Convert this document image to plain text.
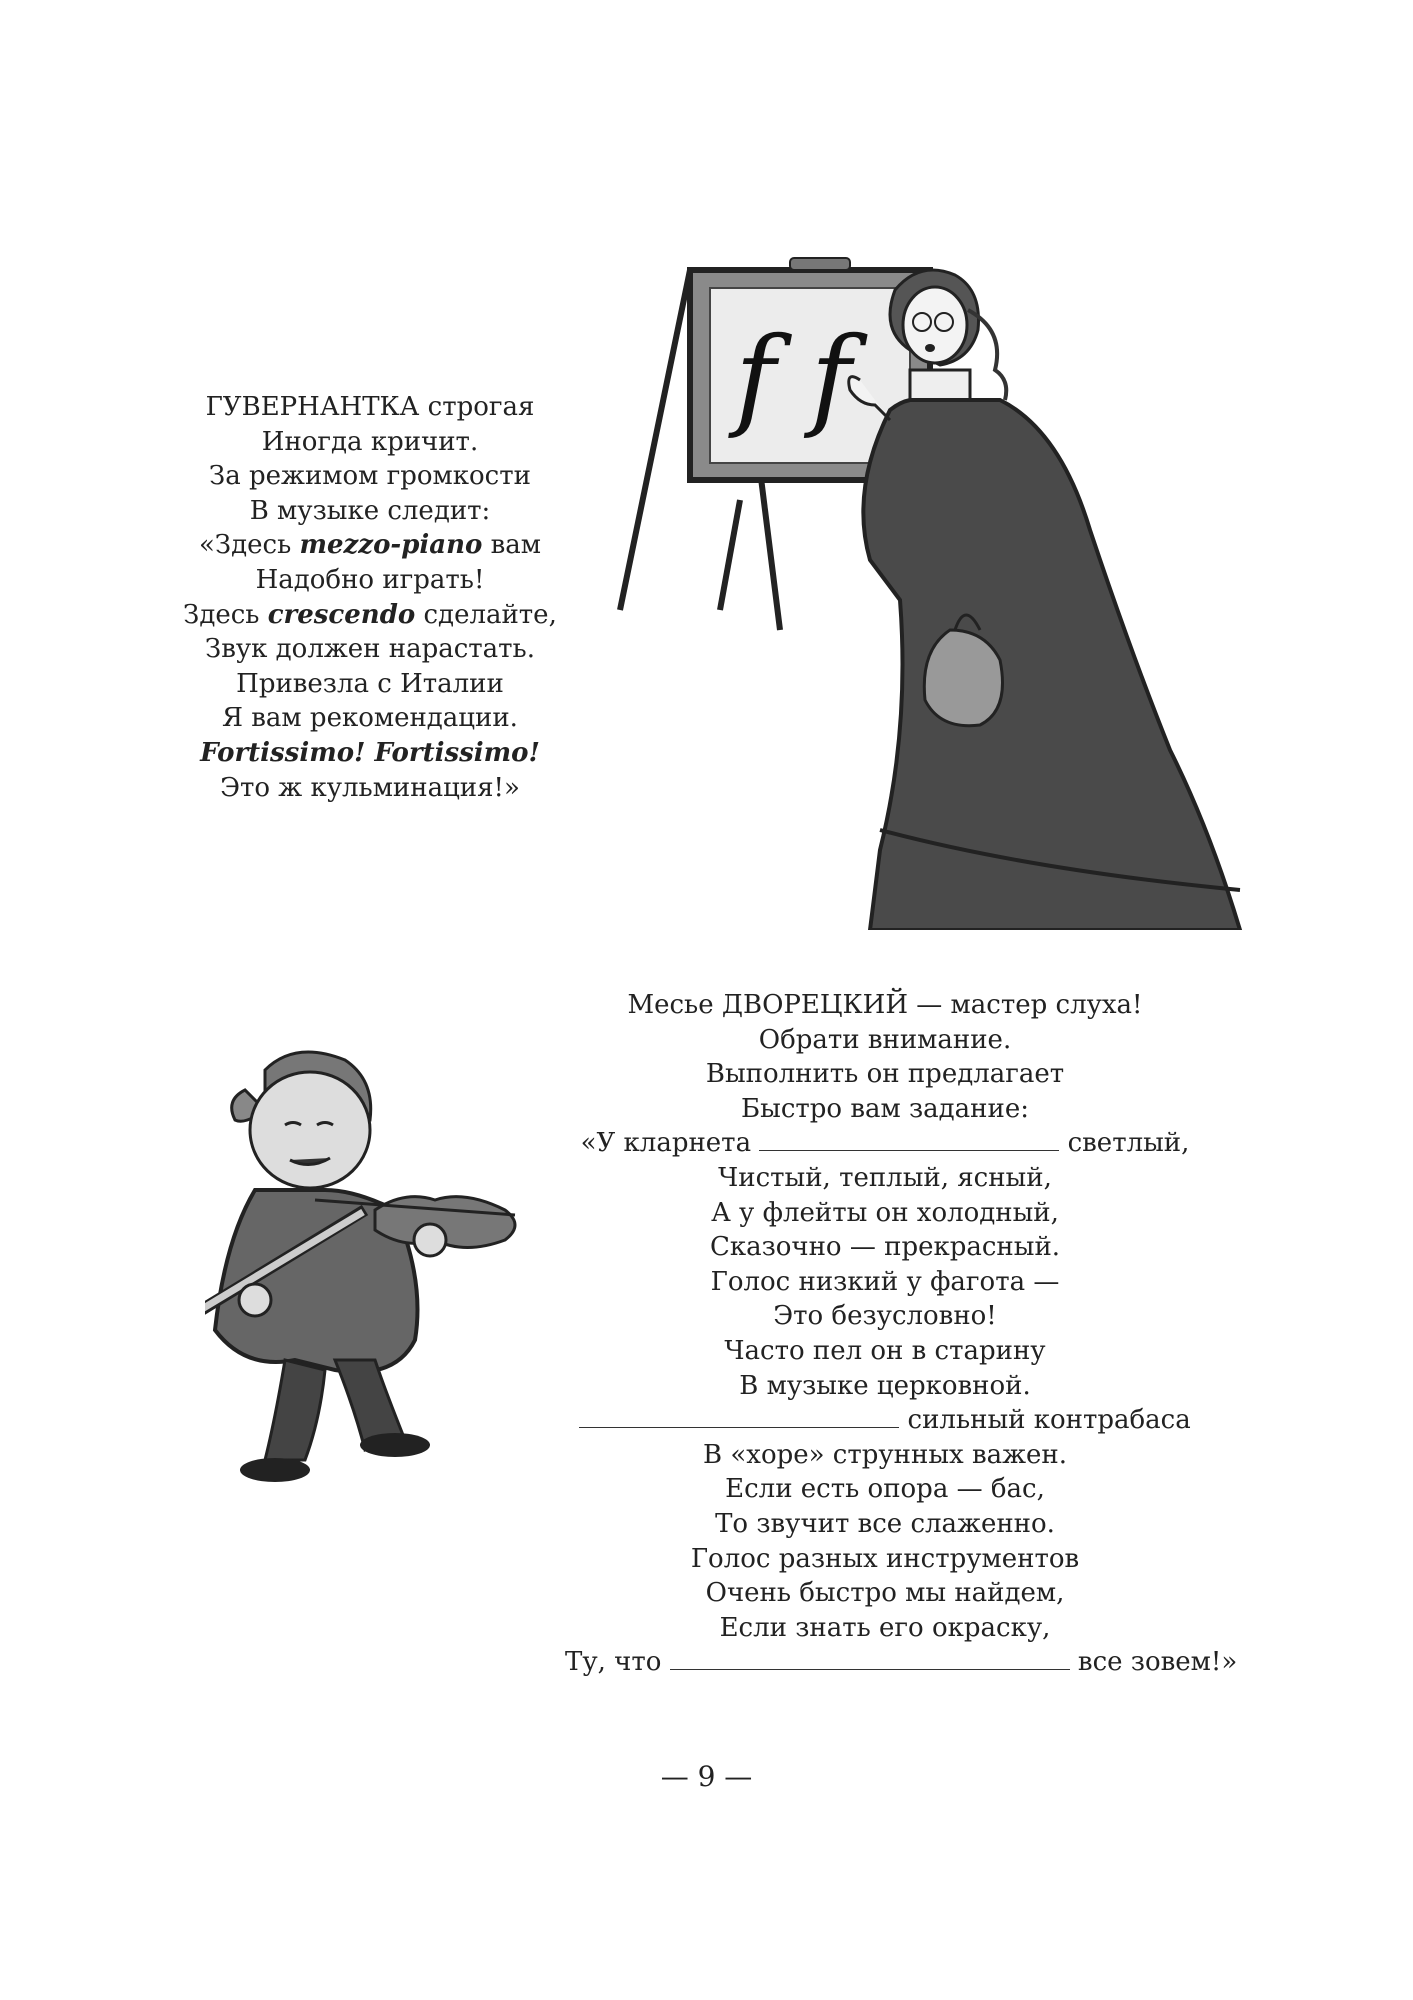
f f
ГУВЕРНАНТКА строгая
Иногда кричит.
За режимом громкости
В музыке следит:
«Здесь mezzo-piano вам
Надобно играть!
Здесь crescendo сделайте,
Звук должен нарастать.
Привезла с Италии
Я вам рекомендации.
Fortissimo! Fortissimo!
Это ж кульминация!»
Месье ДВОРЕЦКИЙ — мастер слуха!
Обрати внимание.
Выполнить он предлагает
Быстро вам задание:
«У кларнета	светлый,
Чистый, теплый, ясный,
А у флейты он холодный,
Сказочно — прекрасный.
Голос низкий у фагота —
Это безусловно!
Часто пел он в старину
В музыке церковной.
сильный контрабаса
В «хоре» струнных важен.
Если есть опора — бас,
То звучит все слаженно.
Голос разных инструментов
Очень быстро мы найдем,
Если знать его окраску,
Ту, что	все зовем!»
— 9 —
